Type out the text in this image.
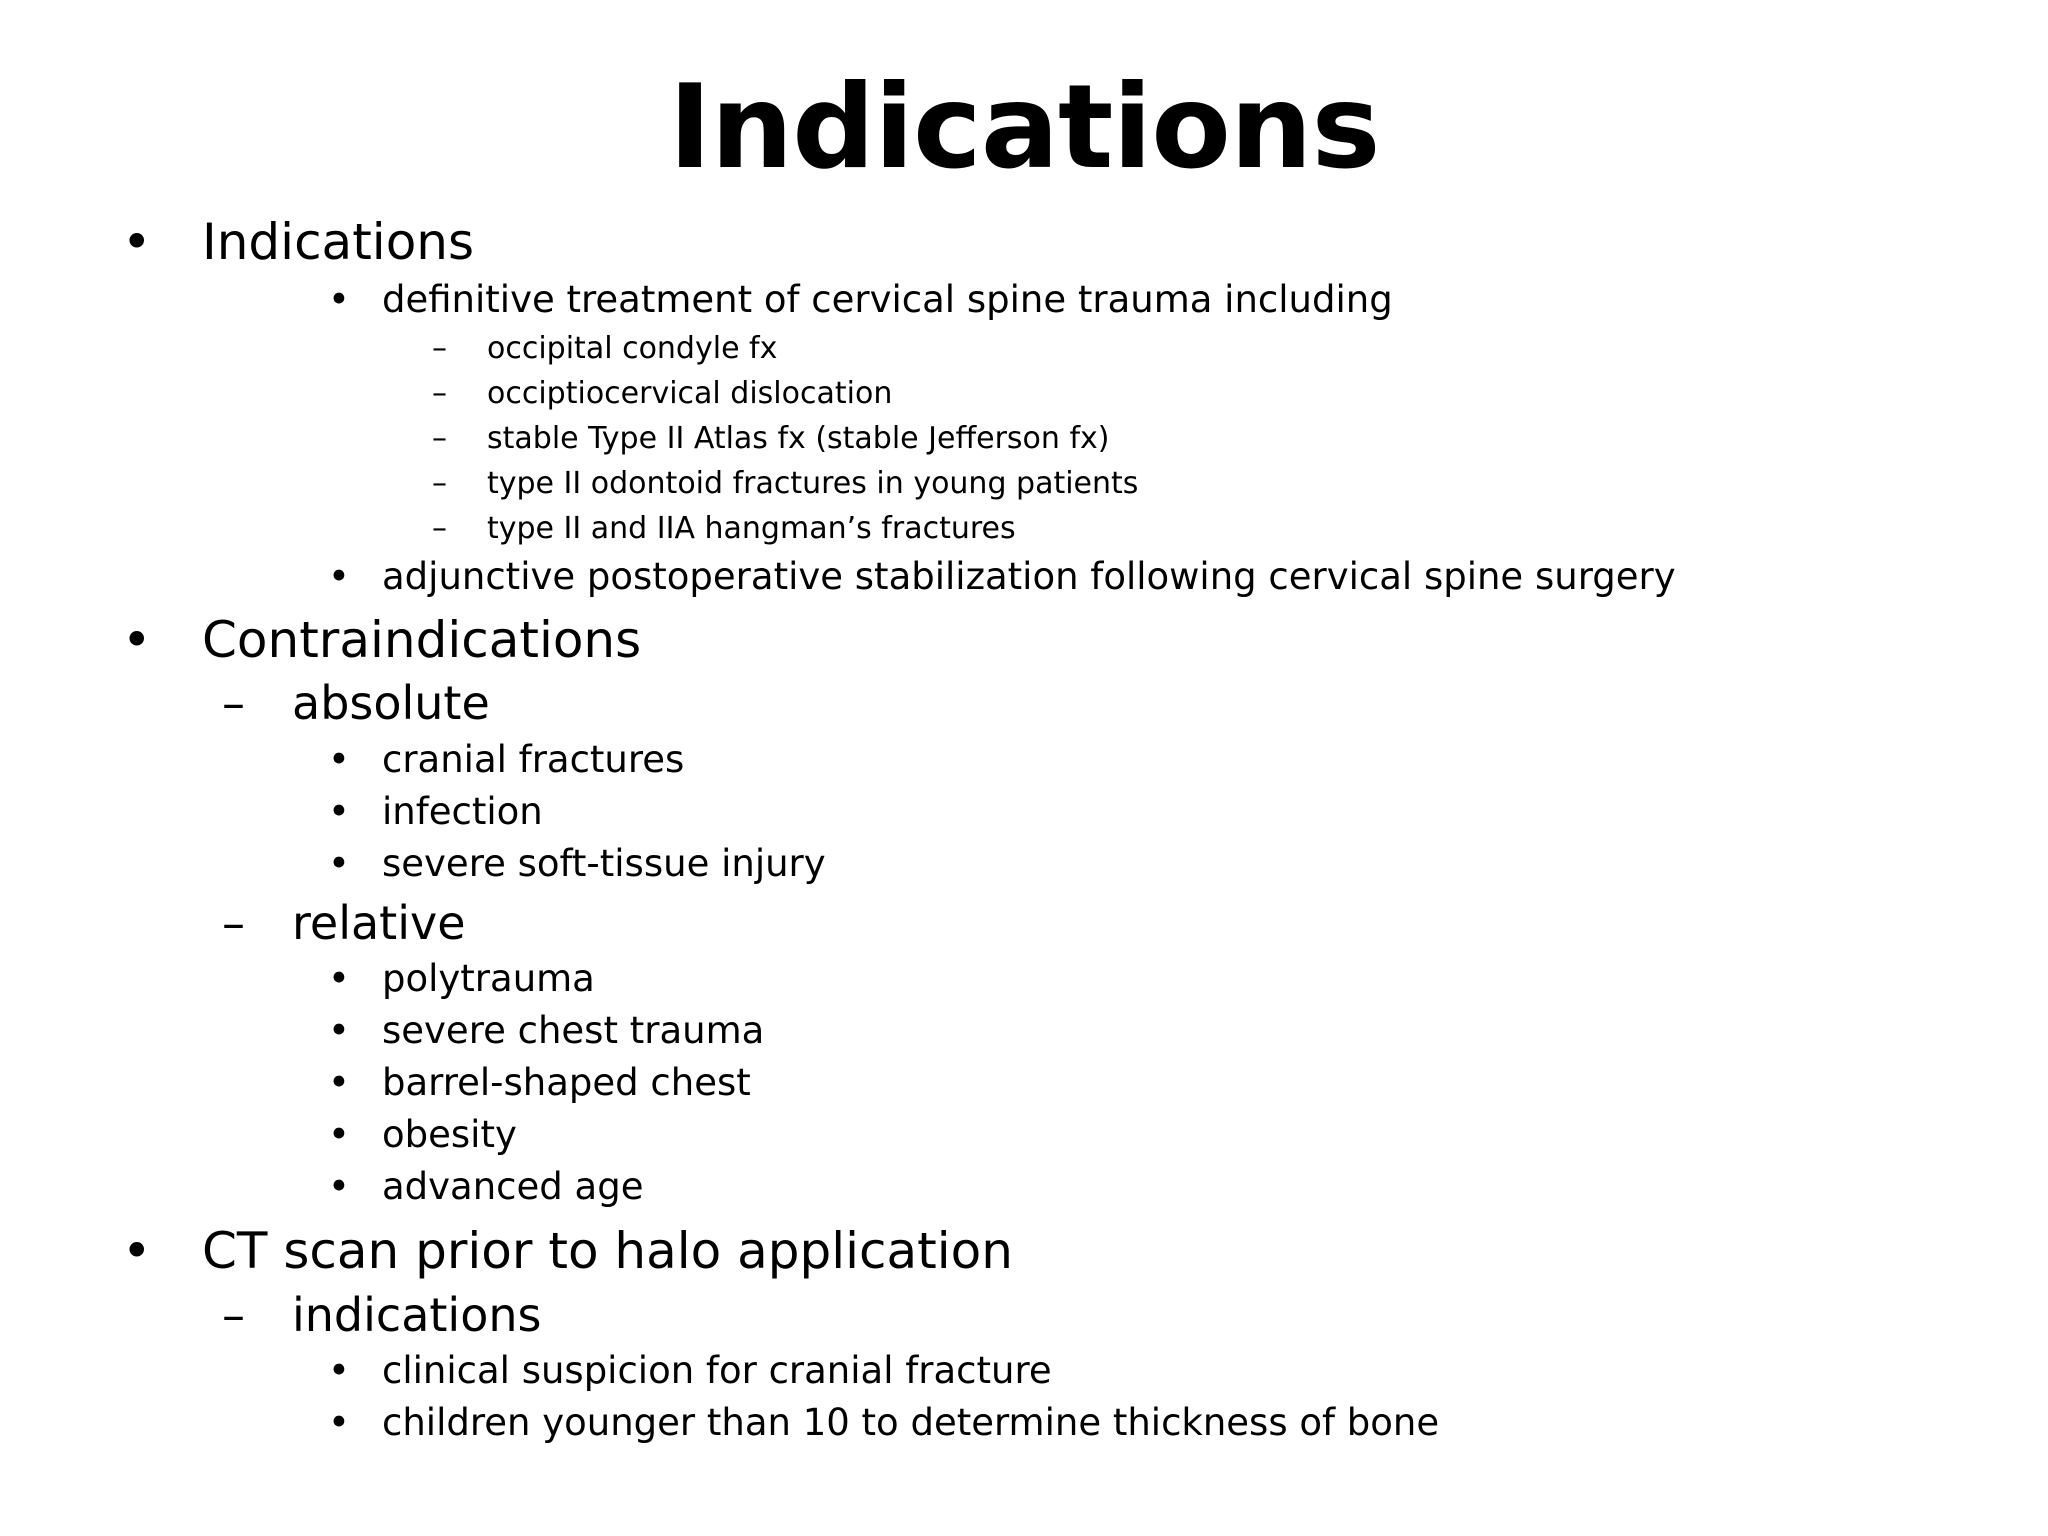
Indications
• Indications
• definitive treatment of cervical spine trauma including
– occipital condyle fx
– occiptiocervical dislocation
– stable Type II Atlas fx (stable Jefferson fx)
– type II odontoid fractures in young patients
– type II and IIA hangman’s fractures
• adjunctive postoperative stabilization following cervical spine surgery
• Contraindications
– absolute
• cranial fractures
• infection
• severe soft-tissue injury
– relative
• polytrauma
• severe chest trauma
• barrel-shaped chest
• obesity
• advanced age
• CT scan prior to halo application
– indications
• clinical suspicion for cranial fracture
• children younger than 10 to determine thickness of bone
